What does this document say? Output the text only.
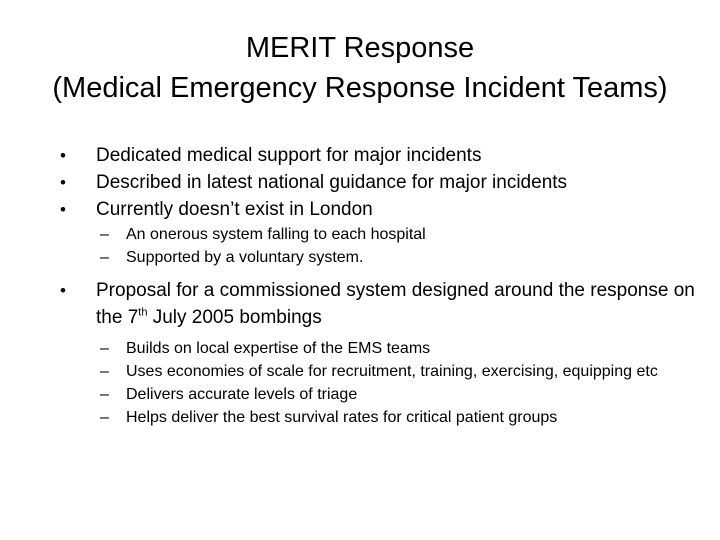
MERIT Response
(Medical Emergency Response Incident Teams)
•	Dedicated medical support for major incidents
•	Described in latest national guidance for major incidents
•	Currently doesn’t exist in London
– An onerous system falling to each hospital
– Supported by a voluntary system.
•	Proposal for a commissioned system designed around the response on the 7th July 2005 bombings
– Builds on local expertise of the EMS teams
– Uses economies of scale for recruitment, training, exercising, equipping etc
– Delivers accurate levels of triage
– Helps deliver the best survival rates for critical patient groups
